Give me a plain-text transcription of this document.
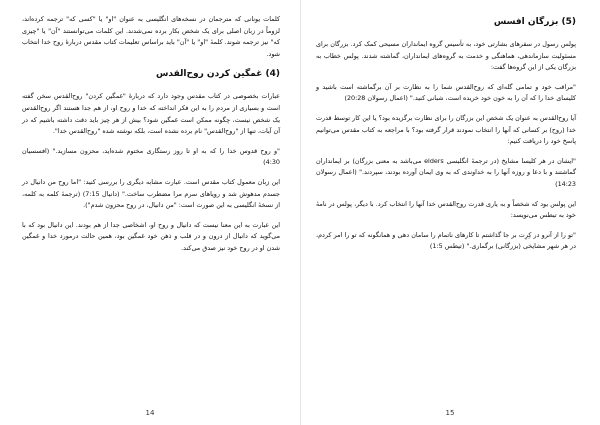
(5) بزرگان افسس

پولس رسول در سفرهای بشارتی خود، به تأسیس گروه ایمانداران مسیحی کمک کرد. بزرگان برای مسئولیت سازماندهی، هماهنگی و خدمت به گروه‌های ایمانداران، گماشته شدند. پولس خطاب به بزرگان یکی از این گروه‌ها گفت:

"مراقب خود و تمامی گله‌ای که روح‌القدس شما را به نظارت بر آن برگماشته است باشید و کلیسای خدا را که آن را به خون خود خریده است، شبانی کنید." (اعمال رسولان 20:28)

آیا روح‌القدس به عنوان یک شخص این بزرگان را برای نظارت برگزیده بود؟ یا این کار توسط قدرت خدا (روح) بر کسانی که آنها را انتخاب نمودند قرار گرفته بود؟ با مراجعه به کتاب مقدس می‌توانیم پاسخ خود را دریافت کنیم:

"ایشان در هر کلیسا مشایخ (در ترجمۀ انگلیسی elders می‌باشد به معنی بزرگان) بر ایمانداران گماشتند و با دعا و روزه آنها را به خداوندی که به وی ایمان آورده بودند، سپردند." (اعمال رسولان 14:23)

این پولس بود که شخصاً و به یاری قدرت روح‌القدس خدا آنها را انتخاب کرد. با دیگر، پولس در نامۀ خود به تیطس می‌نویسد:

"تو را از آنرو در کِرِت بر جا گذاشتم تا کارهای ناتمام را سامان دهی و همانگونه که تو را امر کردم، در هر شهر مشایخی (بزرگانی) برگماری." (تیطس 1:5)

15

کلمات یونانی که مترجمان در نسخه‌های انگلیسی به عنوان "او" یا "کسی که" ترجمه کرده‌اند، لزوماً در زبان اصلی برای یک شخص بکار برده نمی‌شدند. این کلمات می‌توانستند "آن" یا "چیزی که" نیز ترجمه شوند. کلمۀ "او" یا "آن" باید براساس تعلیمات کتاب مقدس دربارۀ روح خدا انتخاب شود.

(4) غمگین کردن روح‌القدس

عبارات بخصوصی در کتاب مقدس وجود دارد که دربارۀ "غمگین کردن" روح‌القدس سخن گفته است و بسیاری از مردم را به این فکر انداخته که خدا و روح او، از هم جدا هستند اگر روح‌القدس یک شخص نیست، چگونه ممکن است غمگین شود؟ بیش از هر چیز باید دقت داشته باشیم که در آن آیات، تنها از "روح‌القدس" نام برده نشده است، بلکه نوشته شده "روح‌القدس خدا".

"و روح قدوس خدا را که به او تا روز رستگاری مختوم شده‌اید، محزون مسازید." (افسسیان 4:30)

این زبان معمول کتاب مقدس است. عبارت مشابه دیگری را بررسی کنید: "اما روح من دانیال در جسدم مدهوش شد و رویاهای سرم مرا مضطرب ساخت." (دانیال 7:15) (ترجمۀ کلمه به کلمه، از نسخۀ انگلیسی به این صورت است: "من دانیال، در روح محزون شدم").

این عبارت به این معنا نیست که دانیال و روح او، اشخاصی جدا از هم بودند. این دانیال بود که با می‌گوید که دانیال از درون و در قلب و ذهن خود غمگین بود، همین حالت درمورد خدا و غمگین شدن او در روح خود نیز صدق می‌کند.

14
